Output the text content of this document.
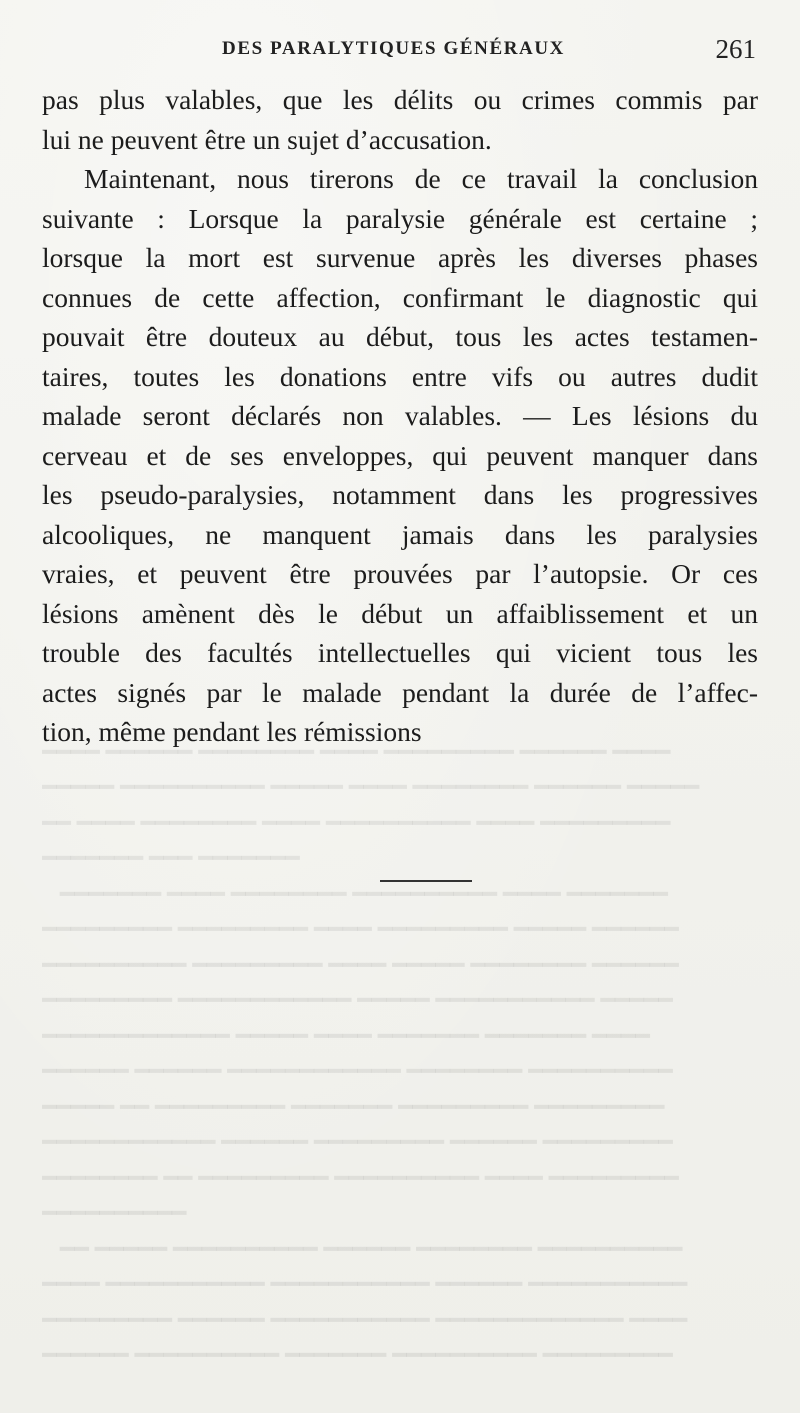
DES PARALYTIQUES GÉNÉRAUX	261
pas plus valables, que les délits ou crimes commis par
lui ne peuvent être un sujet d’accusation.
Maintenant, nous tirerons de ce travail la conclusion
suivante : Lorsque la paralysie générale est certaine ;
lorsque la mort est survenue après les diverses phases
connues de cette affection, confirmant le diagnostic qui
pouvait être douteux au début, tous les actes testamen-
taires, toutes les donations entre vifs ou autres dudit
malade seront déclarés non valables. — Les lésions du
cerveau et de ses enveloppes, qui peuvent manquer dans
les pseudo-paralysies, notamment dans les progressives
alcooliques, ne manquent jamais dans les paralysies
vraies, et peuvent être prouvées par l’autopsie. Or ces
lésions amènent dès le début un affaiblissement et un
trouble des facultés intellectuelles qui vicient tous les
actes signés par le malade pendant la durée de l’affec-
tion, même pendant les rémissions

━━━━ ━━━━━━ ━━━━━━━━ ━━━━ ━━━━━━━━━ ━━━━━━ ━━━━
━━━━━ ━━━━━━━━━━ ━━━━━ ━━━━ ━━━━━━━━ ━━━━━━ ━━━━━
━━ ━━━━ ━━━━━━━━ ━━━━ ━━━━━━━━━━ ━━━━ ━━━━━━━━━
━━━━━━━ ━━━ ━━━━━━━
━━━━━━━ ━━━━ ━━━━━━━━ ━━━━━━━━━━ ━━━━ ━━━━━━━
━━━━━━━━━ ━━━━━━━━━ ━━━━ ━━━━━━━━━ ━━━━━ ━━━━━━
━━━━━━━━━━ ━━━━━━━━━ ━━━━ ━━━━━ ━━━━━━━━ ━━━━━━
━━━━━━━━━ ━━━━━━━━━━━━ ━━━━━ ━━━━━━━━━━━ ━━━━━
━━━━━━━━━━━━━ ━━━━━ ━━━━ ━━━━━━━ ━━━━━━━ ━━━━
━━━━━━ ━━━━━━ ━━━━━━━━━━━━ ━━━━━━━━ ━━━━━━━━━━
━━━━━ ━━ ━━━━━━━━━ ━━━━━━━ ━━━━━━━━━ ━━━━━━━━━
━━━━━━━━━━━━ ━━━━━━ ━━━━━━━━━ ━━━━━━ ━━━━━━━━━
━━━━━━━━ ━━ ━━━━━━━━━ ━━━━━━━━━━ ━━━━ ━━━━━━━━━
━━━━━━━━━━
━━ ━━━━━ ━━━━━━━━━━ ━━━━━━ ━━━━━━━━ ━━━━━━━━━━
━━━━ ━━━━━━━━━━━ ━━━━━━━━━━━ ━━━━━━ ━━━━━━━━━━━
━━━━━━━━━ ━━━━━━ ━━━━━━━━━━━ ━━━━━━━━━━━━━ ━━━━
━━━━━━ ━━━━━━━━━━ ━━━━━━━ ━━━━━━━━━━ ━━━━━━━━━
